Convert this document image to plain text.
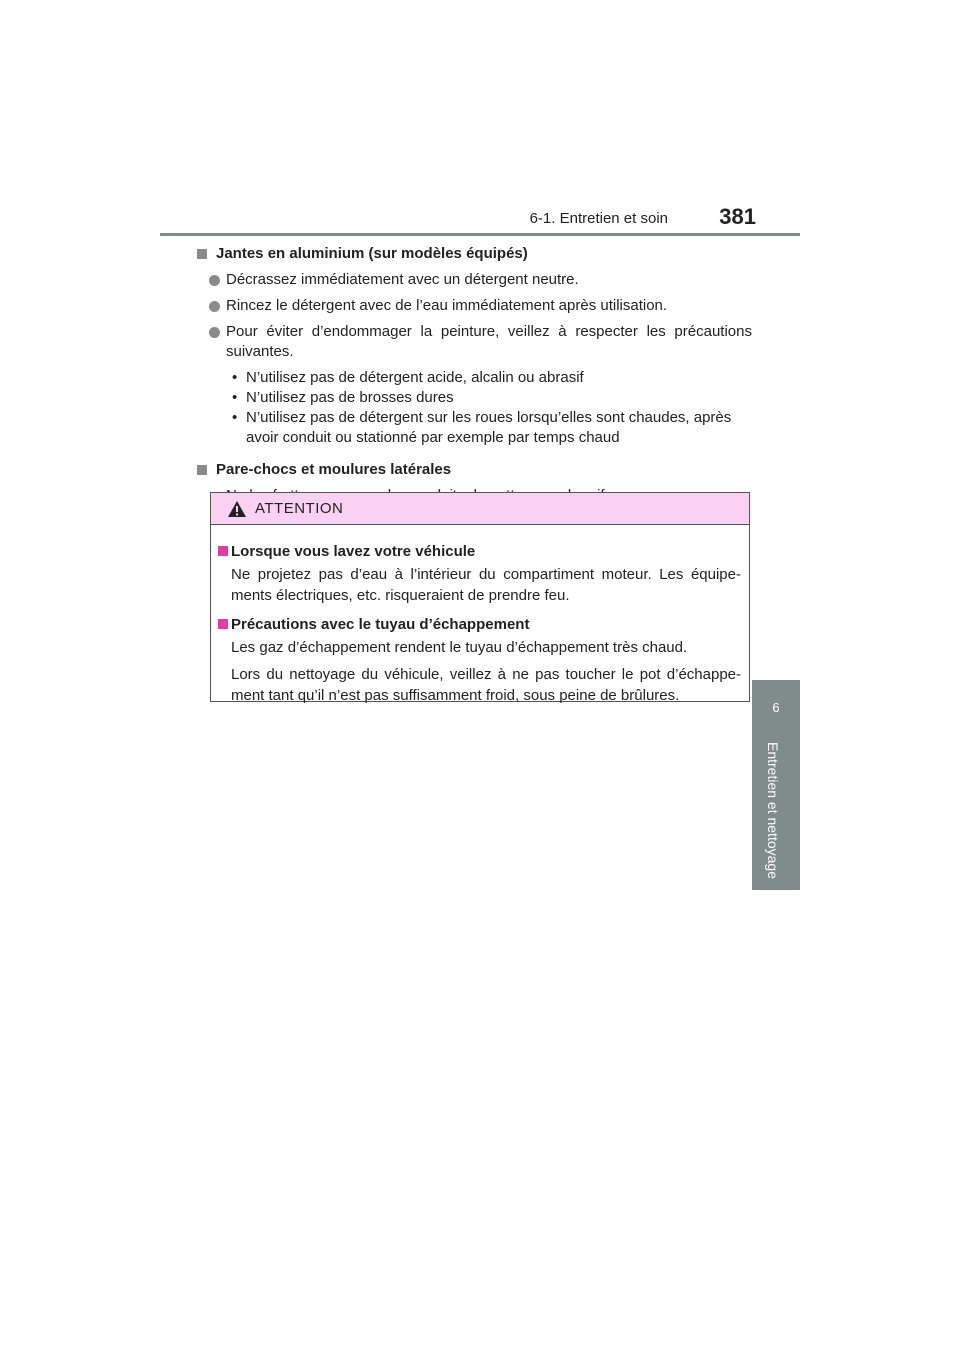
6-1. Entretien et soin 381
6
Entretien et nettoyage
Jantes en aluminium (sur modèles équipés)
Décrassez immédiatement avec un détergent neutre.
Rincez le détergent avec de l’eau immédiatement après utilisation.
Pour éviter d’endommager la peinture, veillez à respecter les précautions suivantes.
• N’utilisez pas de détergent acide, alcalin ou abrasif
• N’utilisez pas de brosses dures
• N’utilisez pas de détergent sur les roues lorsqu’elles sont chaudes, après avoir conduit ou stationné par exemple par temps chaud
Pare-chocs et moulures latérales
ATTENTION
Lorsque vous lavez votre véhicule
Ne projetez pas d’eau à l’intérieur du compartiment moteur. Les équipe-ments électriques, etc. risqueraient de prendre feu.
Précautions avec le tuyau d’échappement
Les gaz d’échappement rendent le tuyau d’échappement très chaud.
Lors du nettoyage du véhicule, veillez à ne pas toucher le pot d’échappe-ment tant qu’il n’est pas suffisamment froid, sous peine de brûlures.
